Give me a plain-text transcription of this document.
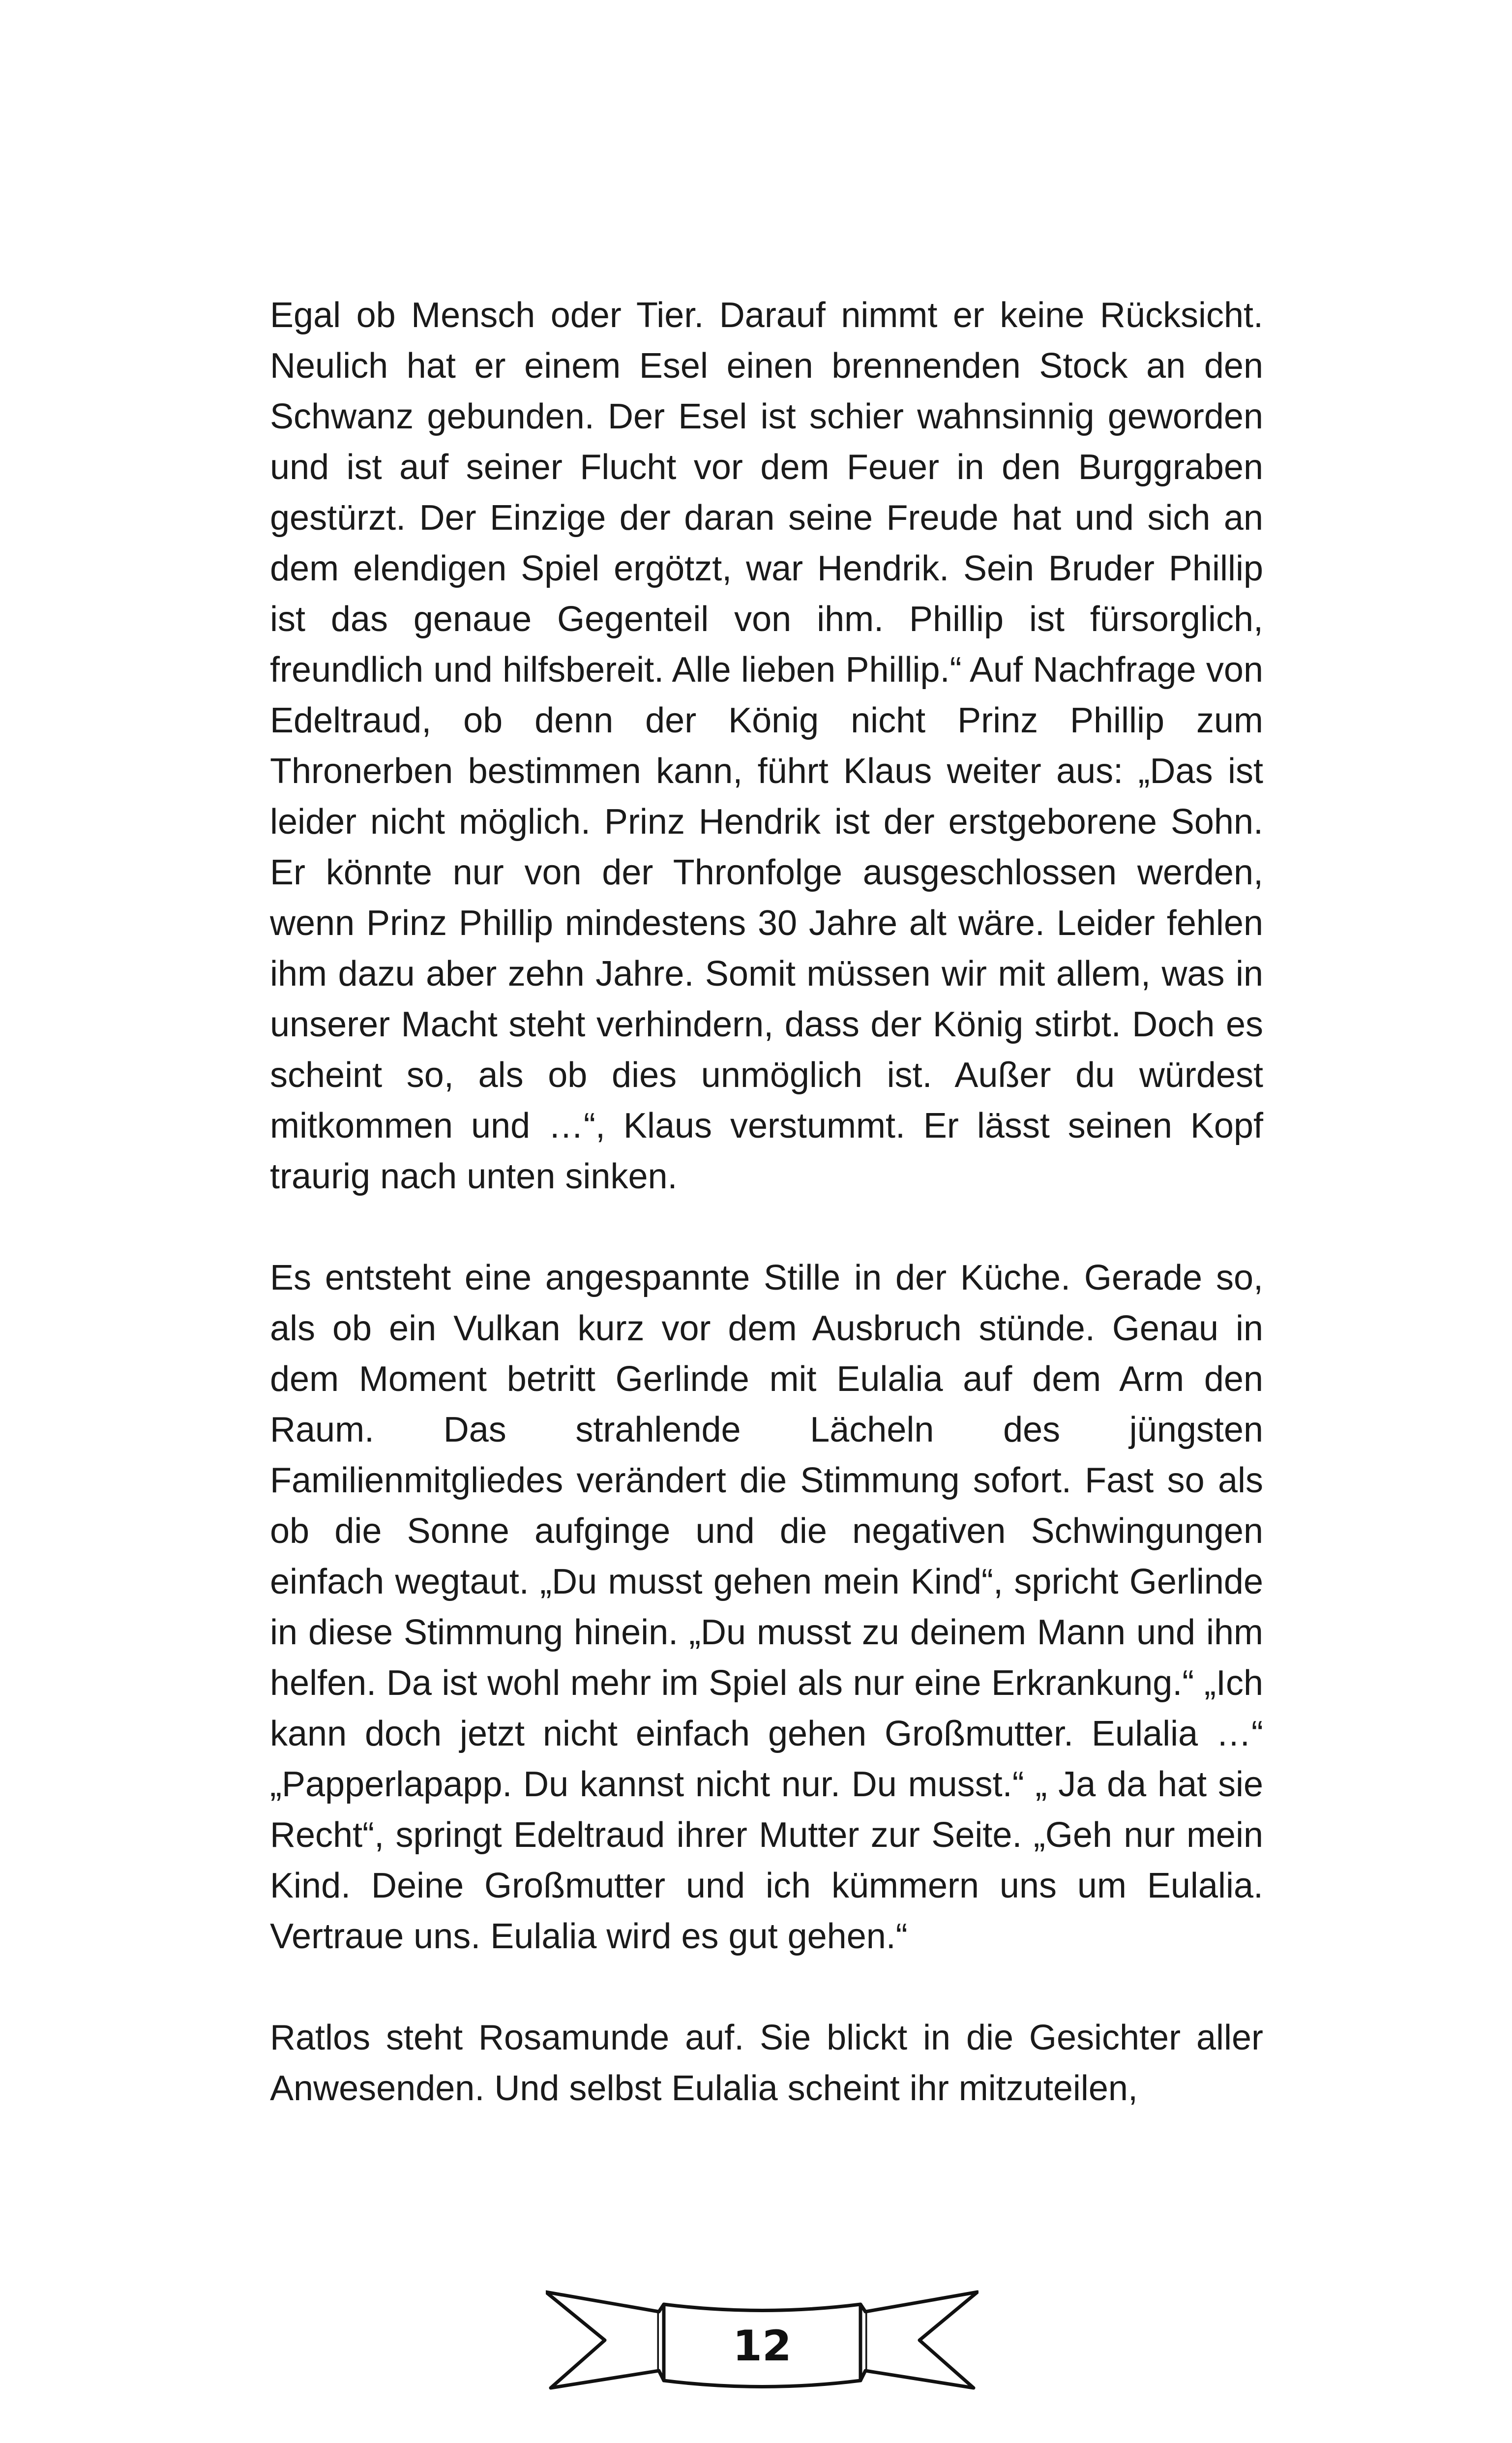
Egal ob Mensch oder Tier. Darauf nimmt er keine Rücksicht. Neulich hat er einem Esel einen brennenden Stock an den Schwanz gebunden. Der Esel ist schier wahnsinnig geworden und ist auf seiner Flucht vor dem Feuer in den Burggraben gestürzt. Der Einzige der daran seine Freude hat und sich an dem elendigen Spiel ergötzt, war Hendrik. Sein Bruder Phillip ist das genaue Gegenteil von ihm. Phillip ist fürsorglich, freundlich und hilfsbereit. Alle lieben Phillip.“ Auf Nachfrage von Edeltraud, ob denn der König nicht Prinz Phillip zum Thronerben bestimmen kann, führt Klaus weiter aus: „Das ist leider nicht möglich. Prinz Hendrik ist der erstgeborene Sohn. Er könnte nur von der Thronfolge ausgeschlossen werden, wenn Prinz Phillip mindestens 30 Jahre alt wäre. Leider fehlen ihm dazu aber zehn Jahre. Somit müssen wir mit allem, was in unserer Macht steht verhindern, dass der König stirbt. Doch es scheint so, als ob dies unmöglich ist. Außer du würdest mitkommen und …“, Klaus verstummt. Er lässt seinen Kopf traurig nach unten sinken.

Es entsteht eine angespannte Stille in der Küche. Gerade so, als ob ein Vulkan kurz vor dem Ausbruch stünde. Genau in dem Moment betritt Gerlinde mit Eulalia auf dem Arm den Raum. Das strahlende Lächeln des jüngsten Familienmitgliedes verändert die Stimmung sofort. Fast so als ob die Sonne aufginge und die negativen Schwingungen einfach wegtaut. „Du musst gehen mein Kind“, spricht Gerlinde in diese Stimmung hinein. „Du musst zu deinem Mann und ihm helfen. Da ist wohl mehr im Spiel als nur eine Erkrankung.“ „Ich kann doch jetzt nicht einfach gehen Großmutter. Eulalia …“ „Papperlapapp. Du kannst nicht nur. Du musst.“ „ Ja da hat sie Recht“, springt Edeltraud ihrer Mutter zur Seite. „Geh nur mein Kind. Deine Großmutter und ich kümmern uns um Eulalia. Vertraue uns. Eulalia wird es gut gehen.“

Ratlos steht Rosamunde auf. Sie blickt in die Gesichter aller Anwesenden. Und selbst Eulalia scheint ihr mitzuteilen,

12
